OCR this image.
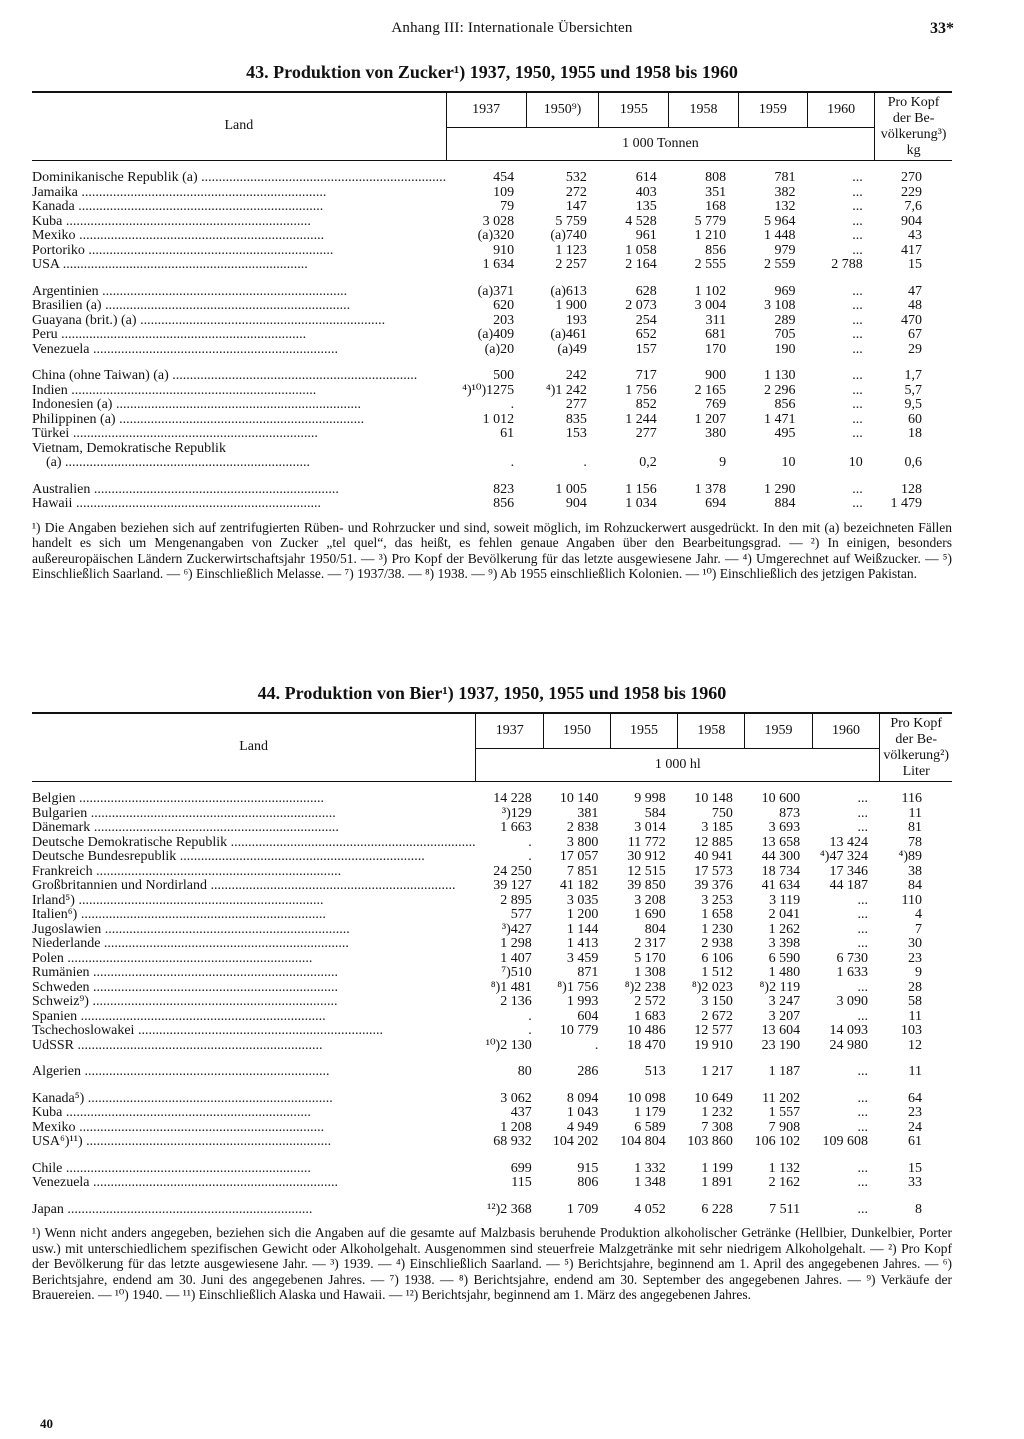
Anhang III: Internationale Übersichten	33*
43. Produktion von Zucker¹) 1937, 1950, 1955 und 1958 bis 1960
Land	1937	1950⁹)	1955	1958	1959	1960	Pro Kopf
der Be-
völkerung³)
kg
	1 000 Tonnen						

Dominikanische Republik (a) ......................................................................	454	532	614	808	781	...	270
Jamaika ......................................................................	109	272	403	351	382	...	229
Kanada ......................................................................	79	147	135	168	132	...	7,6
Kuba ......................................................................	3 028	5 759	4 528	5 779	5 964	...	904
Mexiko ......................................................................	(a)320	(a)740	961	1 210	1 448	...	43
Portoriko ......................................................................	910	1 123	1 058	856	979	...	417
USA ......................................................................	1 634	2 257	2 164	2 555	2 559	2 788	15

Argentinien ......................................................................	(a)371	(a)613	628	1 102	969	...	47
Brasilien (a) ......................................................................	620	1 900	2 073	3 004	3 108	...	48
Guayana (brit.) (a) ......................................................................	203	193	254	311	289	...	470
Peru ......................................................................	(a)409	(a)461	652	681	705	...	67
Venezuela ......................................................................	(a)20	(a)49	157	170	190	...	29

China (ohne Taiwan) (a) ......................................................................	500	242	717	900	1 130	...	1,7
Indien ......................................................................	⁴)¹⁰)1275	⁴)1 242	1 756	2 165	2 296	...	5,7
Indonesien (a) ......................................................................	.	277	852	769	856	...	9,5
Philippinen (a) ......................................................................	1 012	835	1 244	1 207	1 471	...	60
Türkei ......................................................................	61	153	277	380	495	...	18
Vietnam, Demokratische Republik							
(a) ......................................................................	.	.	0,2	9	10	10	0,6

Australien ......................................................................	823	1 005	1 156	1 378	1 290	...	128
Hawaii ......................................................................	856	904	1 034	694	884	...	1 479
¹) Die Angaben beziehen sich auf zentrifugierten Rüben- und Rohrzucker und sind, soweit möglich, im Rohzuckerwert ausgedrückt. In den mit (a) bezeichneten Fällen handelt es sich um Mengenangaben von Zucker „tel quel“, das heißt, es fehlen genaue Angaben über den Bearbeitungsgrad. — ²) In einigen, besonders außereuropäischen Ländern Zuckerwirtschaftsjahr 1950/51. — ³) Pro Kopf der Bevölkerung für das letzte ausgewiesene Jahr. — ⁴) Umgerechnet auf Weißzucker. — ⁵) Einschließlich Saarland. — ⁶) Einschließlich Melasse. — ⁷) 1937/38. — ⁸) 1938. — ⁹) Ab 1955 einschließlich Kolonien. — ¹⁰) Einschließlich des jetzigen Pakistan.
44. Produktion von Bier¹) 1937, 1950, 1955 und 1958 bis 1960
Land	1937	1950	1955	1958	1959	1960	Pro Kopf
der Be-
völkerung²)
Liter
	1 000 hl						

Belgien ......................................................................	14 228	10 140	9 998	10 148	10 600	...	116
Bulgarien ......................................................................	³)129	381	584	750	873	...	11
Dänemark ......................................................................	1 663	2 838	3 014	3 185	3 693	...	81
Deutsche Demokratische Republik ......................................................................	.	3 800	11 772	12 885	13 658	13 424	78
Deutsche Bundesrepublik ......................................................................	.	17 057	30 912	40 941	44 300	⁴)47 324	⁴)89
Frankreich ......................................................................	24 250	7 851	12 515	17 573	18 734	17 346	38
Großbritannien und Nordirland ......................................................................	39 127	41 182	39 850	39 376	41 634	44 187	84
Irland⁵) ......................................................................	2 895	3 035	3 208	3 253	3 119	...	110
Italien⁶) ......................................................................	577	1 200	1 690	1 658	2 041	...	4
Jugoslawien ......................................................................	³)427	1 144	804	1 230	1 262	...	7
Niederlande ......................................................................	1 298	1 413	2 317	2 938	3 398	...	30
Polen ......................................................................	1 407	3 459	5 170	6 106	6 590	6 730	23
Rumänien ......................................................................	⁷)510	871	1 308	1 512	1 480	1 633	9
Schweden ......................................................................	⁸)1 481	⁸)1 756	⁸)2 238	⁸)2 023	⁸)2 119	...	28
Schweiz⁹) ......................................................................	2 136	1 993	2 572	3 150	3 247	3 090	58
Spanien ......................................................................	.	604	1 683	2 672	3 207	...	11
Tschechoslowakei ......................................................................	.	10 779	10 486	12 577	13 604	14 093	103
UdSSR ......................................................................	¹⁰)2 130	.	18 470	19 910	23 190	24 980	12

Algerien ......................................................................	80	286	513	1 217	1 187	...	11

Kanada⁵) ......................................................................	3 062	8 094	10 098	10 649	11 202	...	64
Kuba ......................................................................	437	1 043	1 179	1 232	1 557	...	23
Mexiko ......................................................................	1 208	4 949	6 589	7 308	7 908	...	24
USA⁶)¹¹) ......................................................................	68 932	104 202	104 804	103 860	106 102	109 608	61

Chile ......................................................................	699	915	1 332	1 199	1 132	...	15
Venezuela ......................................................................	115	806	1 348	1 891	2 162	...	33

Japan ......................................................................	¹²)2 368	1 709	4 052	6 228	7 511	...	8
¹) Wenn nicht anders angegeben, beziehen sich die Angaben auf die gesamte auf Malzbasis beruhende Produktion alkoholischer Getränke (Hellbier, Dunkelbier, Porter usw.) mit unterschiedlichem spezifischen Gewicht oder Alkoholgehalt. Ausgenommen sind steuerfreie Malzgetränke mit sehr niedrigem Alkoholgehalt. — ²) Pro Kopf der Bevölkerung für das letzte ausgewiesene Jahr. — ³) 1939. — ⁴) Einschließlich Saarland. — ⁵) Berichtsjahre, beginnend am 1. April des angegebenen Jahres. — ⁶) Berichtsjahre, endend am 30. Juni des angegebenen Jahres. — ⁷) 1938. — ⁸) Berichtsjahre, endend am 30. September des angegebenen Jahres. — ⁹) Verkäufe der Brauereien. — ¹⁰) 1940. — ¹¹) Einschließlich Alaska und Hawaii. — ¹²) Berichtsjahr, beginnend am 1. März des angegebenen Jahres.
40
